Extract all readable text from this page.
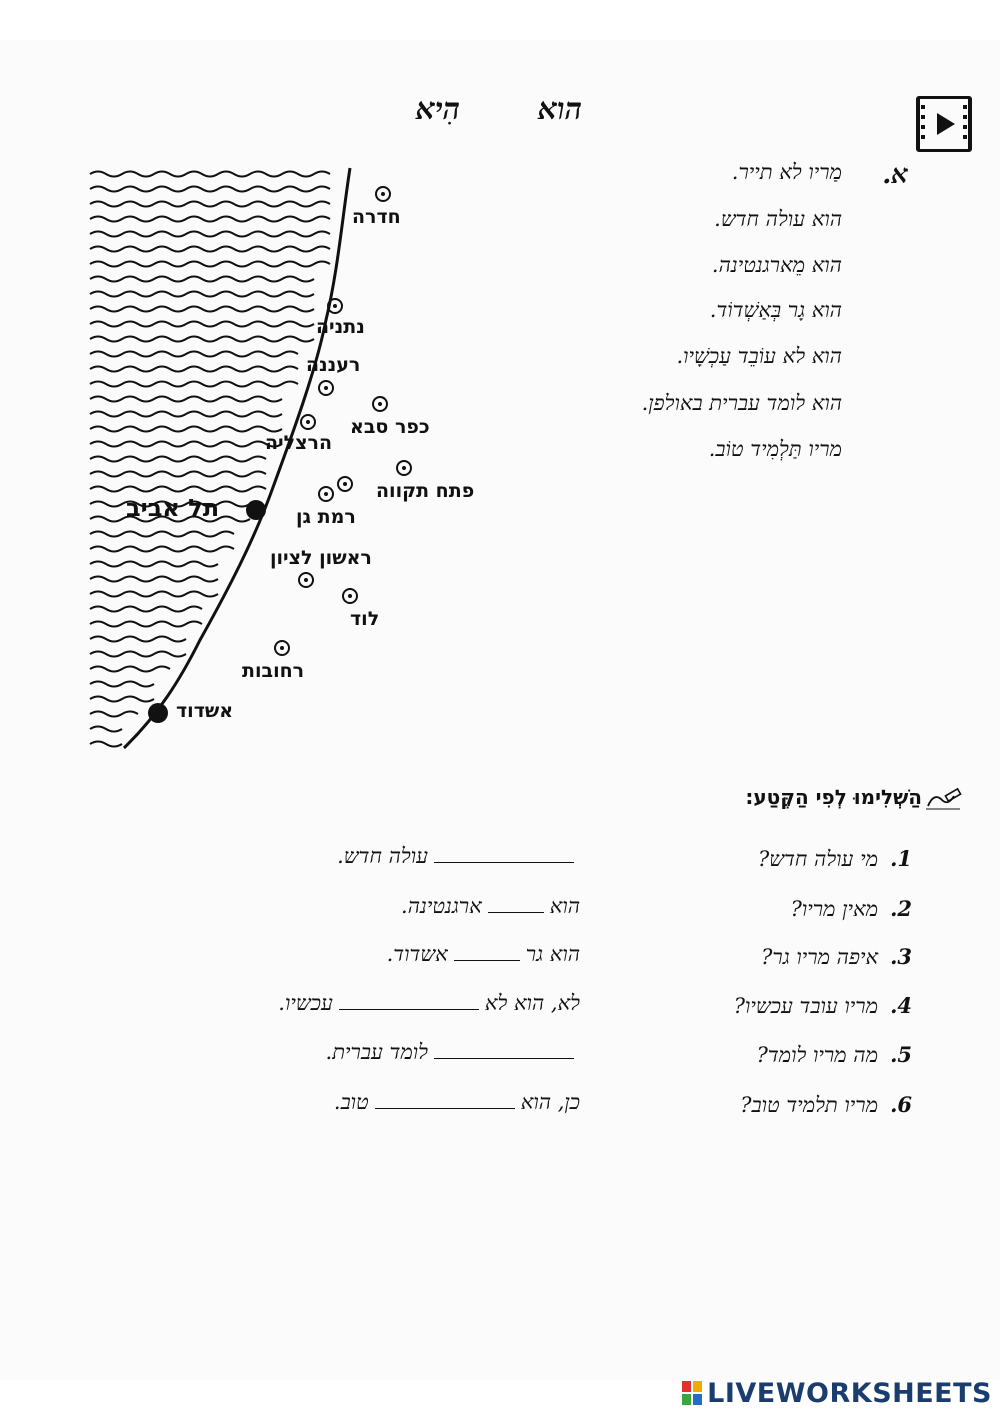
הוא
הִיא
א.
מַריו לא תייר.
הוא עולה חדש.
הוא מֵארגנטינה.
הוא גָר בְּאַשְׁדוֹד.
הוא לא עוֹבֵד עַכְשָׁיו.
הוא לומד עברית באולפן.
מריו תַּלְמִיד טוֹב.
חדרה
נתניה
רעננה
כפר סבא
הרצליה
פתח תקווה
רמת גן
תל אביב
ראשון לציון
לוד
רחובות
אשדוד
הַשְׁלִימוּ לְפִי הַקֶּטַע:
1.מי עולה חדש?
2.מאין מריו?
3.איפה מריו גר?
4.מריו עובד עכשיו?
5.מה מריו לומד?
6.מריו תלמיד טוב?
עולה חדש.
הואארגנטינה.
הוא גראשדוד.
לא, הוא לאעכשיו.
לומד עברית.
כן, הואטוב.
LIVEWORKSHEETS
